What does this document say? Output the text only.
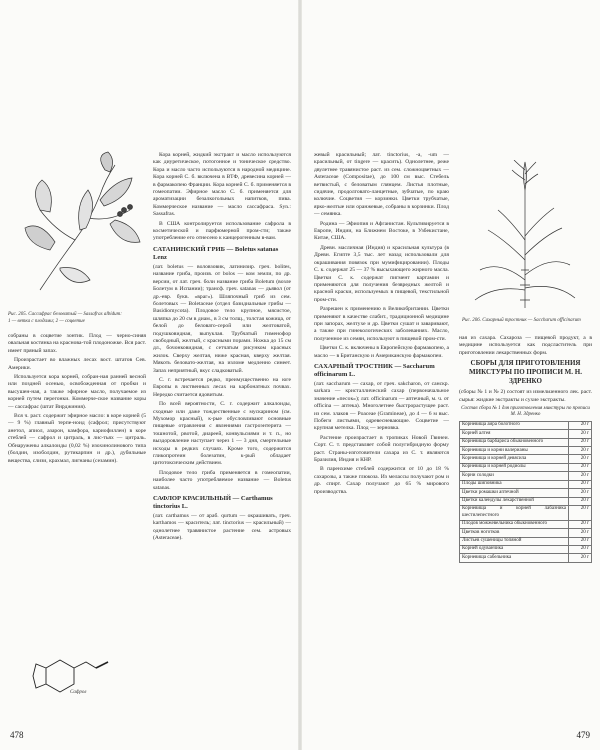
Рис. 205. Сассафрас беловатый — Sassafras albidum:
1 — ветка с плодами; 2 — соцветие

собраны в соцветие зонтик. Плод — черно-синяя овальная костянка на краснова-той плодоножке. Вся раст. имеет пряный запах.

Произрастает во влажных лесах вост. штатов Сев. Америки.

Используется кора корней, собран-ная ранней весной или поздней осенью, освобожденная от пробки и высушен-ная, а также эфирное масло, получаемое из корней путем перегонки. Коммерче-ское название коры — сассафрас (штат Вирджиния).

Вся ч. раст. содержит эфирное масло: в коре корней (5 — 9 %) главный терпе-ноид (сафрол; присутствуют анетол, апиол, азарон, камфора, кариофиллен) в коре стеблей — сафрол и цитраль, в лис-тьях — цитраль. Обнаружены алкалоиды (0,02 %) изохинолинового типа (болдин, изоболдин, рутикарпин и др.), дубильные вещества, слизи, крахмал, лигнаны (сезамин).

Сафрол

Кора корней, жидкий экстракт и масло используются как диуретическое, потогонное и тоническое средство. Кора и масло часто используются в народной медицине. Кора корней С. б. включена в ВТФ, древесина корней — в фармакопею Франции. Кора корней С. б. применяется в гомеопатии. Эфирное масло С. б. применяется для ароматизации безалкогольных напитков, пива. Коммерческое название — масло сассафраса. Syn.: Sassafras.

В США контролируется использование сафрола в косметической и парфюмерной пром-сти; также употребление его отнесено к канцерогенным в-вам.

САТАНИНСКИЙ ГРИБ — Boletus satanas Lenz

(лат. boletus — воловзовик, латинизир. греч. bolites, название гриба, произв. от bolos — ком земли, по др. версии, от лат. греч. боли название гриба Boletum (возле Болетум в Испании); трансф. греч. satanas — дьявол (от др.-евр. букв. «враг»). Шляпочный гриб из сем. болетовых — Boletaceae (отдел базидиальные грибы — Basidiomycota). Плодовое тело крупное, мясистое, шляпка до 20 см в диам., в 3 см толщ., толстая кожица, от белой до беловато-серой или желтоватой, подушковидная, выпуклая. Трубчатый гименофор свободный, желтый, с красными порами. Ножка до 15 см дл., бочонковидная, с сетчатым рисунком красных жилок. Сверху желтая, ниже красная, кверху желтая. Мякоть беловато-желтая, на изломе медленно синеет. Запах неприятный, вкус сладковатый.

С. г. встречается редко, преимущественно на юге Европы в лиственных лесах на карбонатных почвах. Нередко считается ядовитым.

По всей вероятности, С. г. содержит алкалоиды, сходные или даже тождественные с мускарином (см. Мухомор красный), к-рые обусловливают основные пищевые отравления с явлениями гастроэнтерита — тошнотой, рвотой, диареей, конвульсиями и т. п., но выздоровление наступает через 1 — 3 дня, смертельные исходы в редких случаях. Кроме того, содержится гликопротеин болезатин, к-рый обладает цитотоксическим действием.

Плодовое тело гриба применяется в гомеопатии, наиболее часто употребляемое название — Boletus satanas.

САФЛОР КРАСИЛЬНЫЙ — Carthamus tinctorius L.

(лат. carthamus — от араб. qurtum — окрашивать, греч. karthamos — краситель; лат. tinctorius — красильный) — однолетнее травянистое растение сем. астровых (Asteraceae).

478

жевый красильный; лат. tinctorius, -a, -um — красильный, от tingere — красить). Однолетнее, реже двулетнее травянистое раст. из сем. сложноцветных — Asteraceae (Compositae), до 100 см выс. Стебель ветвистый, с беловатым глянцем. Листья плотные, сидячие, продолговато-ланцетные, зубчатые, по краю колючие. Соцветия — корзинки. Цветки трубчатые, ярко-желтые или оранжевые, собраны в корзинки. Плод — семянка.

Родина — Эфиопия и Афганистан. Культивируется в Европе, Индии, на Ближнем Востоке, в Узбекистане, Китае, США.

Древн. масличная (Индия) и красильная культура (в Древн. Египте 3,5 тыс. лет назад использовали для окрашивания повязок при мумифицировании). Плоды С. к. содержат 25 — 37 % высыхающего жирного масла. Цветки С. к. содержат пигмент картамин и применяются для получения безвредных желтой и красной краски, используемых в пищевой, текстильной пром-сти.

Разрешен к применению в Великобритании. Цветки применяют в качестве слабит., традиционной медицине при запорах, желтухе и др. Цветки сушат и заваривают, а также при гинекологических заболеваниях. Масло, полученное из семян, используют в пищевой пром-сти.

Цветки С. к. включены в Европейскую фармакопею, а масло — в Британскую и Американскую фармакопеи.

САХАРНЫЙ ТРОСТНИК — Saccharum officinarum L.

(лат. saccharum — сахар, от греч. sakcharon, от санскр. sarkara — кристаллический сахар (первоначальное значение «песок»); лат. officinarum — аптечный, м. ч. от officina — аптека). Многолетнее быстрорастущее раст. из сем. злаков — Poaceae (Gramineae), до 4 — 6 м выс. Побеги листьями, одревесневающие. Соцветие — крупная метелка. Плод — зерновка.

Растение произрастает в тропиках Новой Гвинеи. Сорт. С. т. представляет собой полугибридную форму раст. Страны-изготовители сахара из С. т. являются Бразилия, Индия и КНР.

В паренхиме стеблей содержится от 10 до 18 % сахарозы, а также глюкоза. Из мелассы получают ром и др. спирт. Сахар получают до 65 % мирового производства.

Рис. 206. Сахарный тростник — Saccharum officinarum

ная из сахара. Сахароза — пищевой продукт, а в медицине используется как подсластитель при приготовлении лекарственных форм.

СБОРЫ ДЛЯ ПРИГОТОВЛЕНИЯ МИКСТУРЫ ПО ПРОПИСИ М. Н. ЗДРЕНКО

(сборы № 1 и № 2) состоят из измельченного лек. раст. сырья: жидкие экстракты и сухие экстракты.

Состав сбора № 1 для приготовления микстуры по прописи М. Н. Здренко
Корневища аира болотного	20 г
Корней алтея	20 г
Корневища барбариса обыкновенного	20 г
Корневища и корни валерианы	20 г
Корневища и корней девясила	20 г
Корневища и корней родиолы	20 г
Корни солодки	20 г
Плоды шиповника	20 г
Цветки ромашки аптечной	20 г
Цветки календулы лекарственной	20 г
Корневища и корней лабазника шестилепестного	20 г
Плодов можжевельника обыкновенного	20 г
Цветков ноготков	20 г
Листьев сушеницы топяной	20 г
Корней одуванчика	20 г
Корневища сабельника	20 г
479
